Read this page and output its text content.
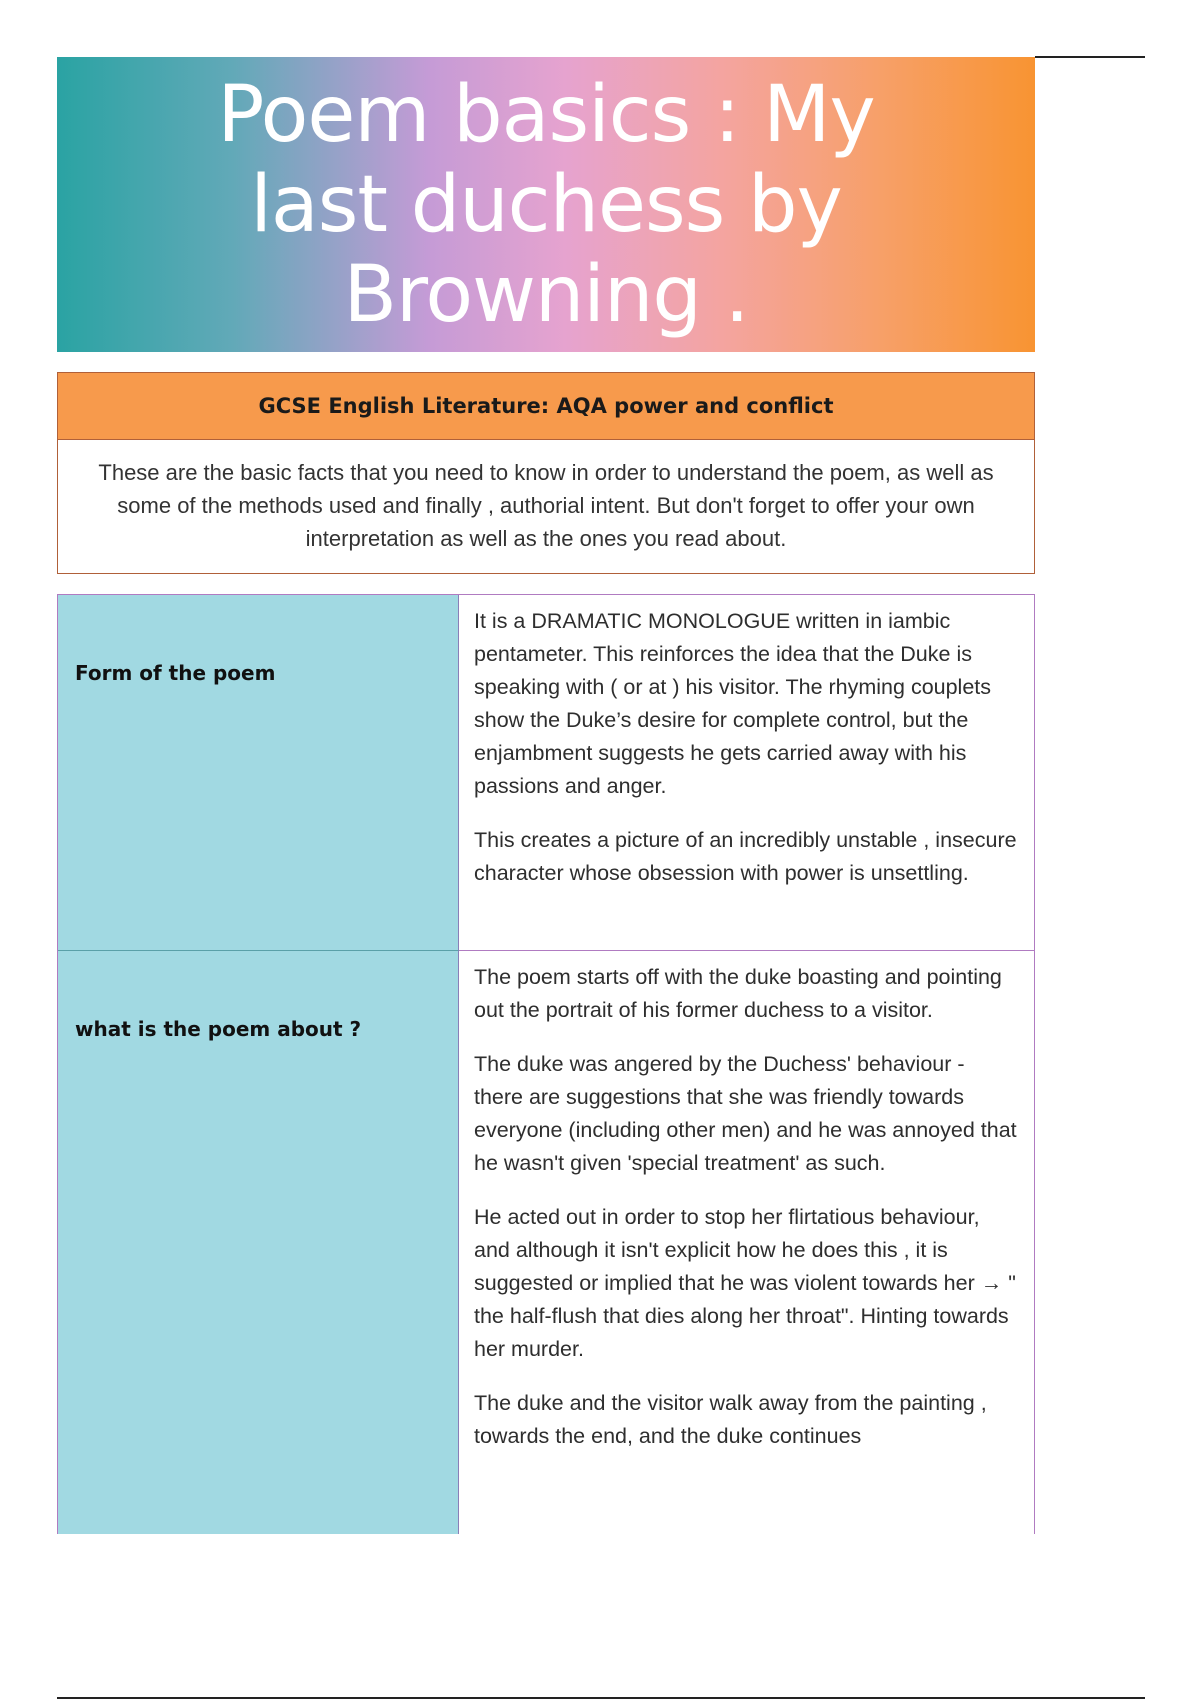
Poem basics : My last duchess by Browning .
GCSE English Literature: AQA power and conflict
These are the basic facts that you need to know in order to understand the poem, as well as some of the methods used and finally , authorial intent. But don't forget to offer your own interpretation as well as the ones you read about.
Form of the poem

It is a DRAMATIC MONOLOGUE written in iambic pentameter. This reinforces the idea that the Duke is speaking with ( or at ) his visitor. The rhyming couplets show the Duke’s desire for complete control, but the enjambment suggests he gets carried away with his passions and anger.

This creates a picture of an incredibly unstable , insecure character whose obsession with power is unsettling.

what is the poem about ?

The poem starts off with the duke boasting and pointing out the portrait of his former duchess to a visitor.

The duke was angered by the Duchess' behaviour - there are suggestions that she was friendly towards everyone (including other men) and he was annoyed that he wasn't given 'special treatment' as such.

He acted out in order to stop her flirtatious behaviour, and although it isn't explicit how he does this , it is suggested or implied that he was violent towards her → " the half-flush that dies along her throat". Hinting towards her murder.

The duke and the visitor walk away from the painting , towards the end, and the duke continues
